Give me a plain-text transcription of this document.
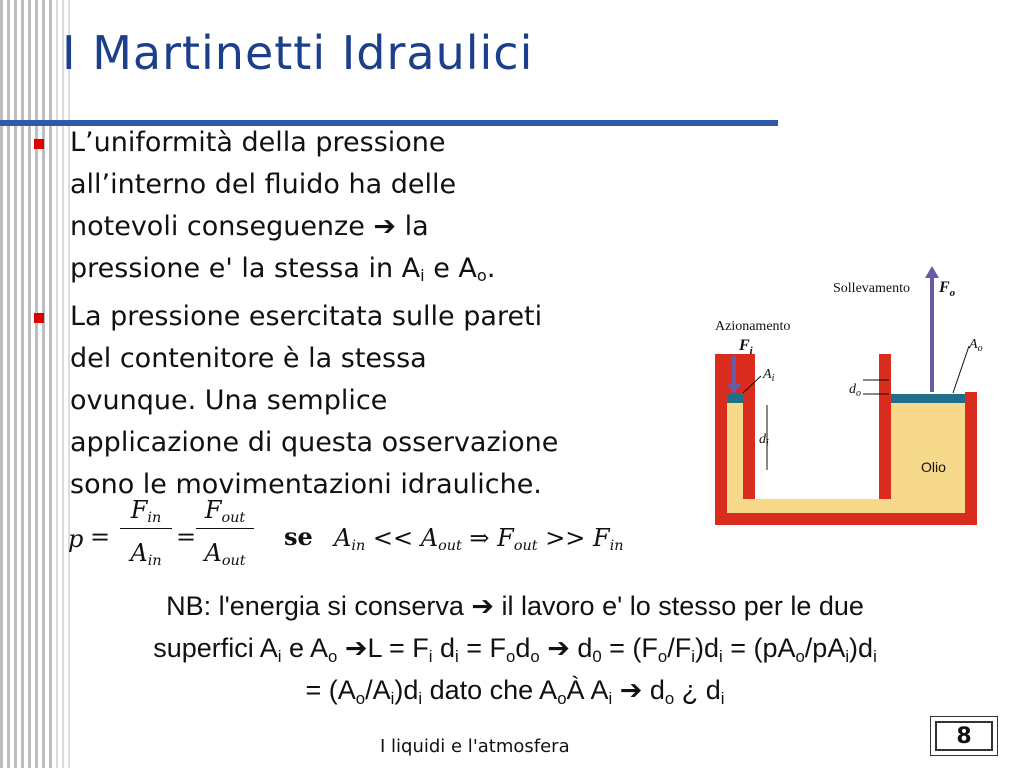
I Martinetti Idraulici

L’uniformità della pressione
all’interno del fluido ha delle
notevoli conseguenze ➔ la
pressione e' la stessa in $A_i$ e $A_o$.

La pressione esercitata sulle pareti
del contenitore è la stessa
ovunque. Una semplice
applicazione di questa osservazione
sono le movimentazioni idrauliche.

Sollevamento $F_o$
Azionamento
$F_i$	$A_o$
$A_i$
$d_o$
$d_i$
Olio
p =
$F_{in}$
$A_{in}$
=
$F_{out}$
$A_{out}$
se $A_{in} << A_{out}$ ⇒ $F_{out} >> F_{in}$
NB: l'energia si conserva ➔ il lavoro e' lo stesso per le due
superfici $A_i$ e $A_o$ ➔L = $F_i$ $d_i = F_od_o$ ➔ $d_0 = (F_o/F_i)d_i = (pA_o/pA_i)d_i$
= $(A_o/A_i)d_i$ dato che $A_oÀ$ $A_i$ ➔ $d_o$ ¿ $d_i$
I liquidi e l'atmosfera	8
